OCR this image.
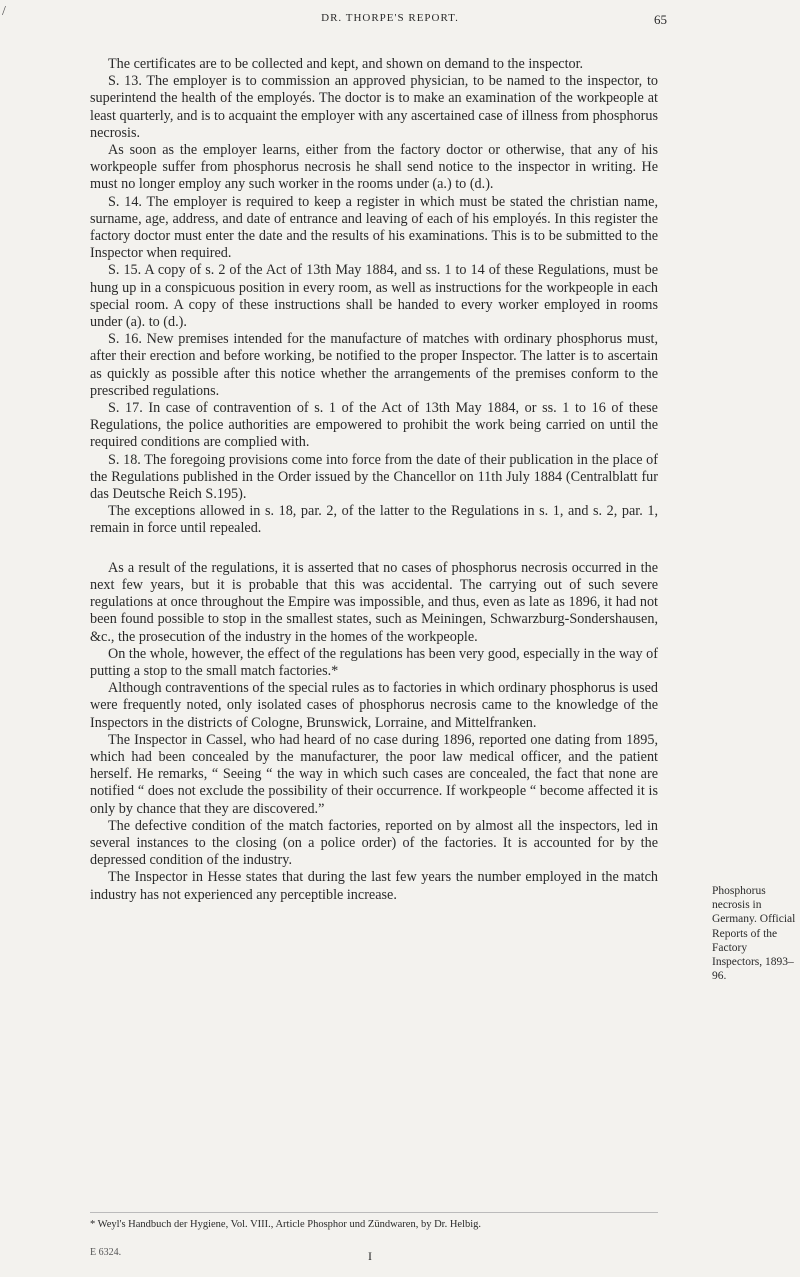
/	DR. THORPE'S REPORT.	65

The certificates are to be collected and kept, and shown on demand to the inspector.

S. 13. The employer is to commission an approved physician, to be named to the inspector, to superintend the health of the employés. The doctor is to make an examination of the workpeople at least quarterly, and is to acquaint the employer with any ascertained case of illness from phosphorus necrosis.

As soon as the employer learns, either from the factory doctor or otherwise, that any of his workpeople suffer from phosphorus necrosis he shall send notice to the inspector in writing. He must no longer employ any such worker in the rooms under (a.) to (d.).

S. 14. The employer is required to keep a register in which must be stated the christian name, surname, age, address, and date of entrance and leaving of each of his employés. In this register the factory doctor must enter the date and the results of his examinations. This is to be submitted to the Inspector when required.

S. 15. A copy of s. 2 of the Act of 13th May 1884, and ss. 1 to 14 of these Regulations, must be hung up in a conspicuous position in every room, as well as instructions for the workpeople in each special room. A copy of these instructions shall be handed to every worker employed in rooms under (a). to (d.).

S. 16. New premises intended for the manufacture of matches with ordinary phosphorus must, after their erection and before working, be notified to the proper Inspector. The latter is to ascertain as quickly as possible after this notice whether the arrangements of the premises conform to the prescribed regulations.

S. 17. In case of contravention of s. 1 of the Act of 13th May 1884, or ss. 1 to 16 of these Regulations, the police authorities are empowered to prohibit the work being carried on until the required conditions are complied with.

S. 18. The foregoing provisions come into force from the date of their publication in the place of the Regulations published in the Order issued by the Chancellor on 11th July 1884 (Centralblatt fur das Deutsche Reich S.195).

The exceptions allowed in s. 18, par. 2, of the latter to the Regulations in s. 1, and s. 2, par. 1, remain in force until repealed.

As a result of the regulations, it is asserted that no cases of phosphorus necrosis occurred in the next few years, but it is probable that this was accidental. The carrying out of such severe regulations at once throughout the Empire was impossible, and thus, even as late as 1896, it had not been found possible to stop in the smallest states, such as Meiningen, Schwarzburg-Sondershausen, &c., the prosecution of the industry in the homes of the workpeople.

On the whole, however, the effect of the regulations has been very good, especially in the way of putting a stop to the small match factories.*

Although contraventions of the special rules as to factories in which ordinary phosphorus is used were frequently noted, only isolated cases of phosphorus necrosis came to the knowledge of the Inspectors in the districts of Cologne, Brunswick, Lorraine, and Mittelfranken.

The Inspector in Cassel, who had heard of no case during 1896, reported one dating from 1895, which had been concealed by the manufacturer, the poor law medical officer, and the patient herself. He remarks, “ Seeing “ the way in which such cases are concealed, the fact that none are notified “ does not exclude the possibility of their occurrence. If workpeople “ become affected it is only by chance that they are discovered.”

The defective condition of the match factories, reported on by almost all the inspectors, led in several instances to the closing (on a police order) of the factories. It is accounted for by the depressed condition of the industry.

The Inspector in Hesse states that during the last few years the number employed in the match industry has not experienced any perceptible increase.	Phosphorus necrosis in Germany. Official Reports of the Factory Inspectors, 1893–96.
* Weyl's Handbuch der Hygiene, Vol. VIII., Article Phosphor und Zündwaren, by Dr. Helbig.
E 6324.	I
